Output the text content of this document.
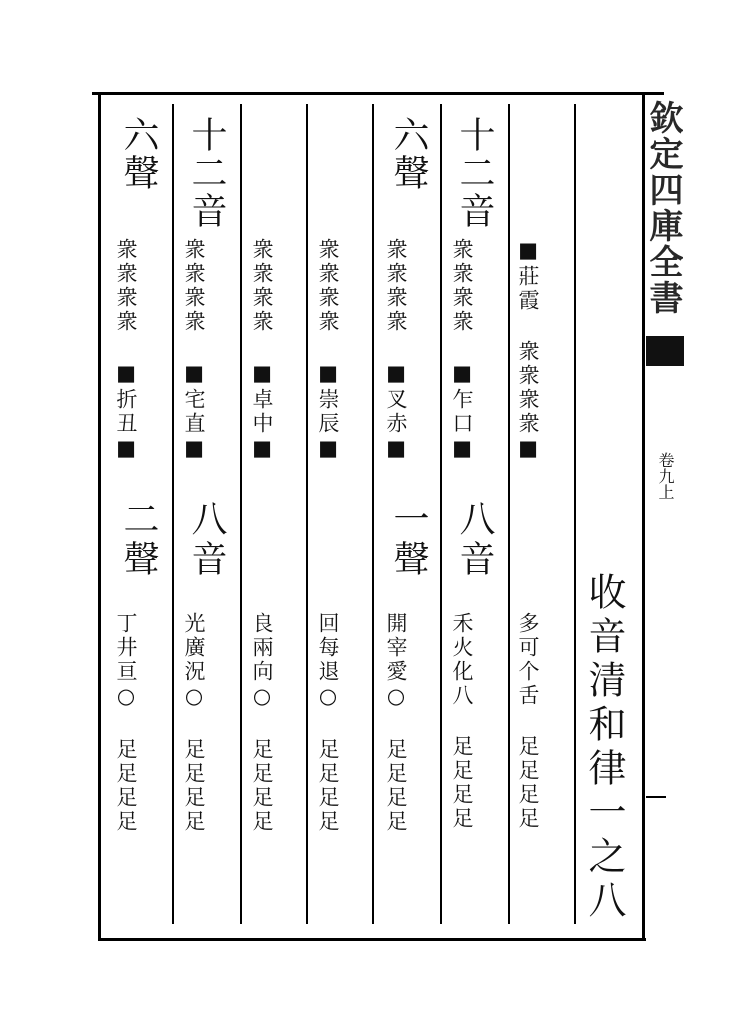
欽定四庫全書
卷九上
收音清和律一之八
■莊霞 衆衆衆衆■
多可个舌 足足足足
十二音
衆衆衆衆 ■乍口■
八音
禾火化八 足足足足
六聲
衆衆衆衆 ■叉赤■
一聲
開宰愛○ 足足足足
衆衆衆衆 ■崇辰■
回每退○ 足足足足
衆衆衆衆 ■卓中■
良兩向○ 足足足足
十二音
衆衆衆衆 ■宅直■
八音
光廣況○ 足足足足
六聲
衆衆衆衆 ■折丑■
二聲
丁井亘○ 足足足足
